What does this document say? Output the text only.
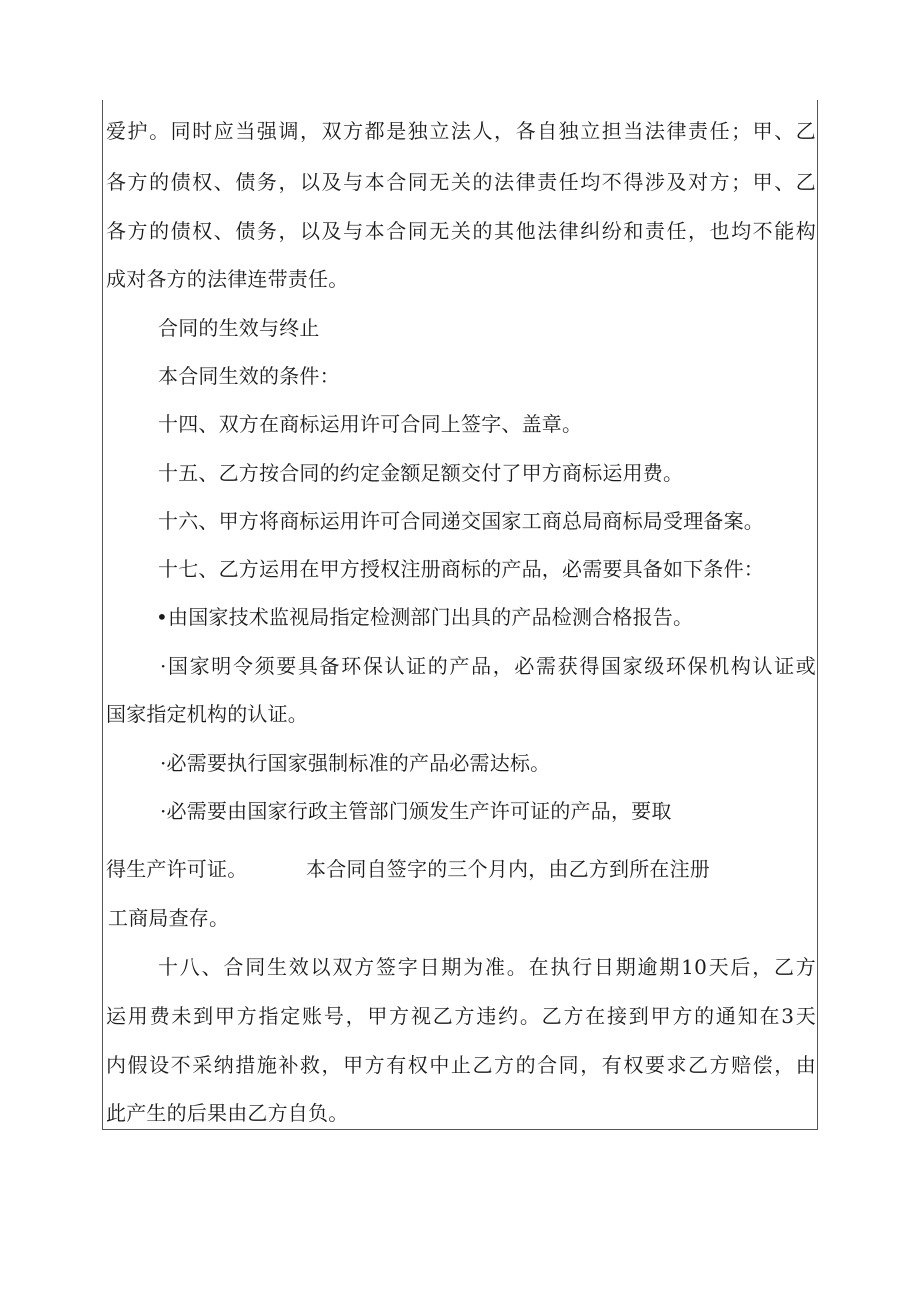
爱护。同时应当强调，双方都是独立法人，各自独立担当法律责任；甲、乙
各方的债权、债务，以及与本合同无关的法律责任均不得涉及对方；甲、乙
各方的债权、债务，以及与本合同无关的其他法律纠纷和责任，也均不能构
成对各方的法律连带责任。
合同的生效与终止
本合同生效的条件：
十四、双方在商标运用许可合同上签字、盖章。
十五、乙方按合同的约定金额足额交付了甲方商标运用费。
十六、甲方将商标运用许可合同递交国家工商总局商标局受理备案。
十七、乙方运用在甲方授权注册商标的产品，必需要具备如下条件：
•由国家技术监视局指定检测部门出具的产品检测合格报告。
·国家明令须要具备环保认证的产品，必需获得国家级环保机构认证或
国家指定机构的认证。
·必需要执行国家强制标准的产品必需达标。
·必需要由国家行政主管部门颁发生产许可证的产品，要取
得生产许可证。	本合同自签字的三个月内，由乙方到所在注册
工商局查存。
十八、合同生效以双方签字日期为准。在执行日期逾期10天后，乙方
运用费未到甲方指定账号，甲方视乙方违约。乙方在接到甲方的通知在3天
内假设不采纳措施补救，甲方有权中止乙方的合同，有权要求乙方赔偿，由
此产生的后果由乙方自负。
